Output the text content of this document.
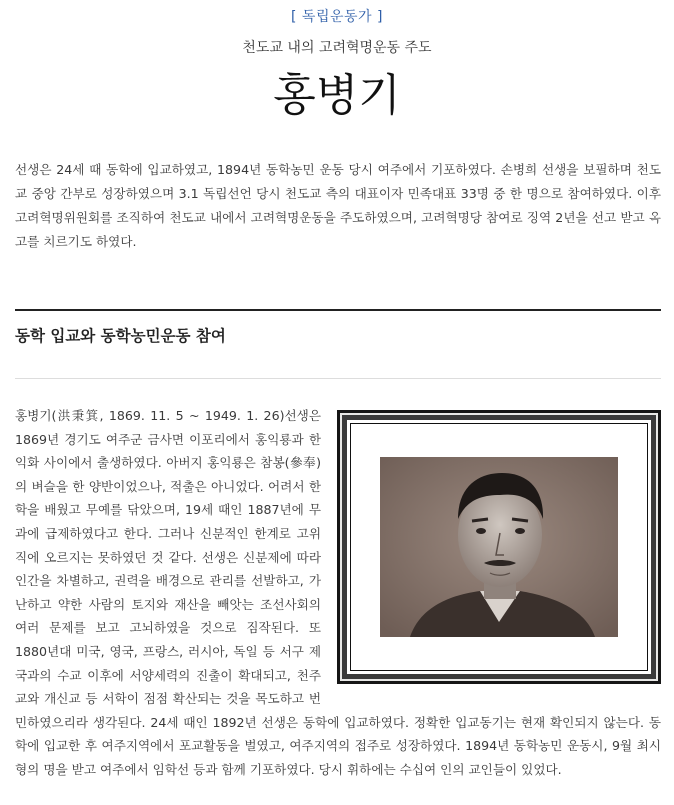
[ 독립운동가 ]
천도교 내의 고려혁명운동 주도
홍병기

선생은 24세 때 동학에 입교하였고, 1894년 동학농민 운동 당시 여주에서 기포하였다. 손병희 선생을 보필하며 천도교 중앙 간부로 성장하였으며 3.1 독립선언 당시 천도교 측의 대표이자 민족대표 33명 중 한 명으로 참여하였다. 이후 고려혁명위원회를 조직하여 천도교 내에서 고려혁명운동을 주도하였으며, 고려혁명당 참여로 징역 2년을 선고 받고 옥고를 치르기도 하였다.

동학 입교와 동학농민운동 참여
홍병기(洪秉箕, 1869. 11. 5 ~ 1949. 1. 26)선생은 1869년 경기도 여주군 금사면 이포리에서 홍익룡과 한익화 사이에서 출생하였다. 아버지 홍익룡은 참봉(參奉)의 벼슬을 한 양반이었으나, 적출은 아니었다. 어려서 한학을 배웠고 무예를 닦았으며, 19세 때인 1887년에 무과에 급제하였다고 한다. 그러나 신분적인 한계로 고위직에 오르지는 못하였던 것 같다. 선생은 신분제에 따라 인간을 차별하고, 권력을 배경으로 관리를 선발하고, 가난하고 약한 사람의 토지와 재산을 빼앗는 조선사회의 여러 문제를 보고 고뇌하였을 것으로 짐작된다. 또 1880년대 미국, 영국, 프랑스, 러시아, 독일 등 서구 제국과의 수교 이후에 서양세력의 진출이 확대되고, 천주교와 개신교 등 서학이 점점 확산되는 것을 목도하고 번민하였으리라 생각된다. 24세 때인 1892년 선생은 동학에 입교하였다. 정확한 입교동기는 현재 확인되지 않는다. 동학에 입교한 후 여주지역에서 포교활동을 벌였고, 여주지역의 접주로 성장하였다. 1894년 동학농민 운동시, 9월 최시형의 명을 받고 여주에서 임학선 등과 함께 기포하였다. 당시 휘하에는 수십여 인의 교인들이 있었다.
